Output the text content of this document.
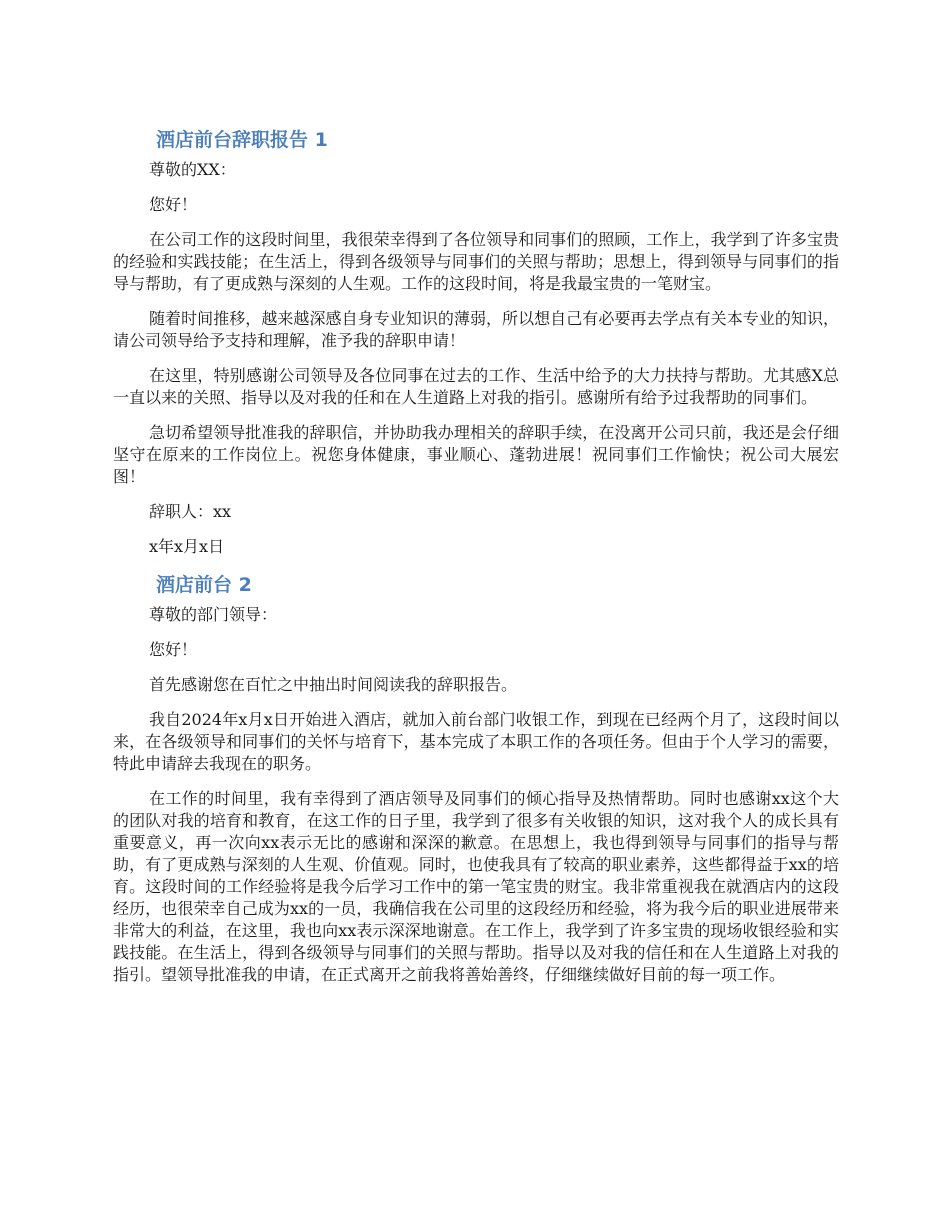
酒店前台辞职报告 1

尊敬的XX：

您好！

在公司工作的这段时间里，我很荣幸得到了各位领导和同事们的照顾，工作上，我学到了许多宝贵的经验和实践技能；在生活上，得到各级领导与同事们的关照与帮助；思想上，得到领导与同事们的指导与帮助，有了更成熟与深刻的人生观。工作的这段时间，将是我最宝贵的一笔财宝。

随着时间推移，越来越深感自身专业知识的薄弱，所以想自己有必要再去学点有关本专业的知识，请公司领导给予支持和理解，准予我的辞职申请！

在这里，特别感谢公司领导及各位同事在过去的工作、生活中给予的大力扶持与帮助。尤其感X总一直以来的关照、指导以及对我的任和在人生道路上对我的指引。感谢所有给予过我帮助的同事们。

急切希望领导批准我的辞职信，并协助我办理相关的辞职手续，在没离开公司只前，我还是会仔细坚守在原来的工作岗位上。祝您身体健康，事业顺心、蓬勃进展！祝同事们工作愉快；祝公司大展宏图！

辞职人：xx

x年x月x日

酒店前台 2

尊敬的部门领导：

您好！

首先感谢您在百忙之中抽出时间阅读我的辞职报告。

我自2024年x月x日开始进入酒店，就加入前台部门收银工作，到现在已经两个月了，这段时间以来，在各级领导和同事们的关怀与培育下，基本完成了本职工作的各项任务。但由于个人学习的需要，特此申请辞去我现在的职务。

在工作的时间里，我有幸得到了酒店领导及同事们的倾心指导及热情帮助。同时也感谢xx这个大的团队对我的培育和教育，在这工作的日子里，我学到了很多有关收银的知识，这对我个人的成长具有重要意义，再一次向xx表示无比的感谢和深深的歉意。在思想上，我也得到领导与同事们的指导与帮助，有了更成熟与深刻的人生观、价值观。同时，也使我具有了较高的职业素养，这些都得益于xx的培育。这段时间的工作经验将是我今后学习工作中的第一笔宝贵的财宝。我非常重视我在就酒店内的这段经历，也很荣幸自己成为xx的一员，我确信我在公司里的这段经历和经验，将为我今后的职业进展带来非常大的利益，在这里，我也向xx表示深深地谢意。在工作上，我学到了许多宝贵的现场收银经验和实践技能。在生活上，得到各级领导与同事们的关照与帮助。指导以及对我的信任和在人生道路上对我的指引。望领导批准我的申请，在正式离开之前我将善始善终，仔细继续做好目前的每一项工作。
